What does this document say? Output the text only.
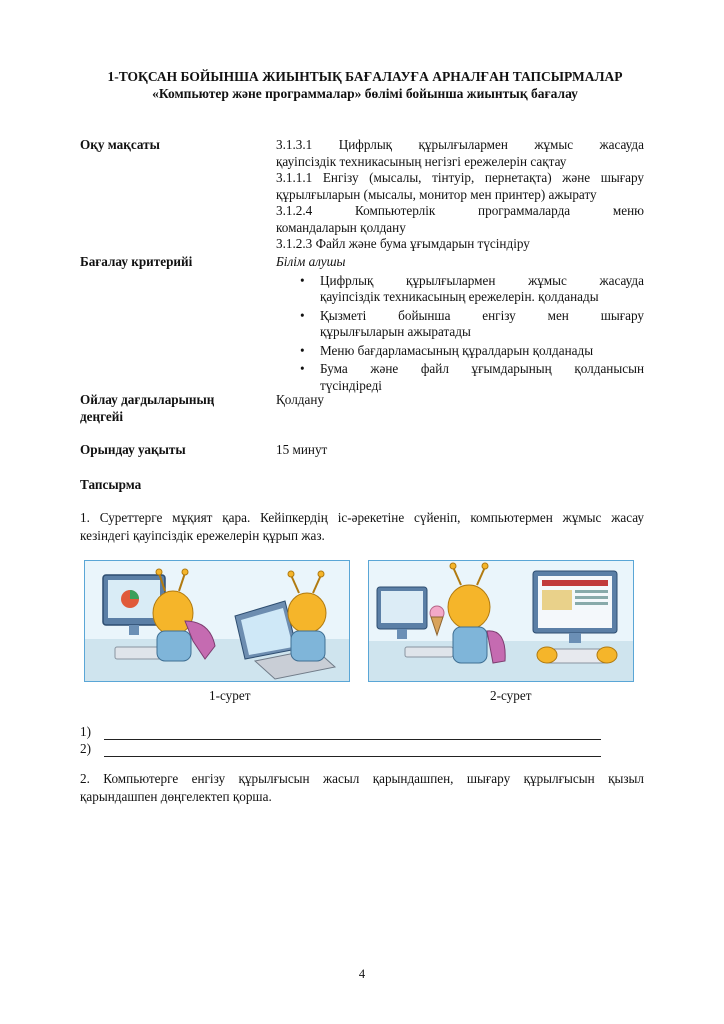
1-ТОҚСАН БОЙЫНША ЖИЫНТЫҚ БАҒАЛАУҒА АРНАЛҒАН ТАПСЫРМАЛАР
«Компьютер және программалар» бөлімі бойынша жиынтық бағалау
Оқу мақсаты	3.1.3.1 Цифрлық құрылғылармен жұмыс жасауда

қауіпсіздік техникасының негізгі ережелерін сақтау

3.1.1.1 Енгізу (мысалы, тінтуір, пернетақта) және шығару

құрылғыларын (мысалы, монитор мен принтер) ажырату

3.1.2.4 Компьютерлік программаларда меню

командаларын қолдану

3.1.2.3 Файл және бума ұғымдарын түсіндіру

Бағалау критерийі	Білім алушы
• Цифрлық құрылғылармен жұмыс жасауда
қауіпсіздік техникасының ережелерін. қолданады
• Қызметі бойынша енгізу мен шығару
құрылғыларын ажыратады
• Меню бағдарламасының құралдарын қолданады
• Бума және файл ұғымдарының қолданысын
түсіндіреді
Ойлау дағдыларының
деңгейі
Қолдану
Орындау уақыты	15 минут
Тапсырма
1. Суреттерге мұқият қара. Кейіпкердің іс-әрекетіне сүйеніп, компьютермен жұмыс жасау
кезіндегі қауіпсіздік ережелерін құрып жаз.
1-сурет	2-сурет
1)
2)
2. Компьютерге енгізу құрылғысын жасыл қарындашпен, шығару құрылғысын қызыл
қарындашпен дөңгелектеп қорша.
4
